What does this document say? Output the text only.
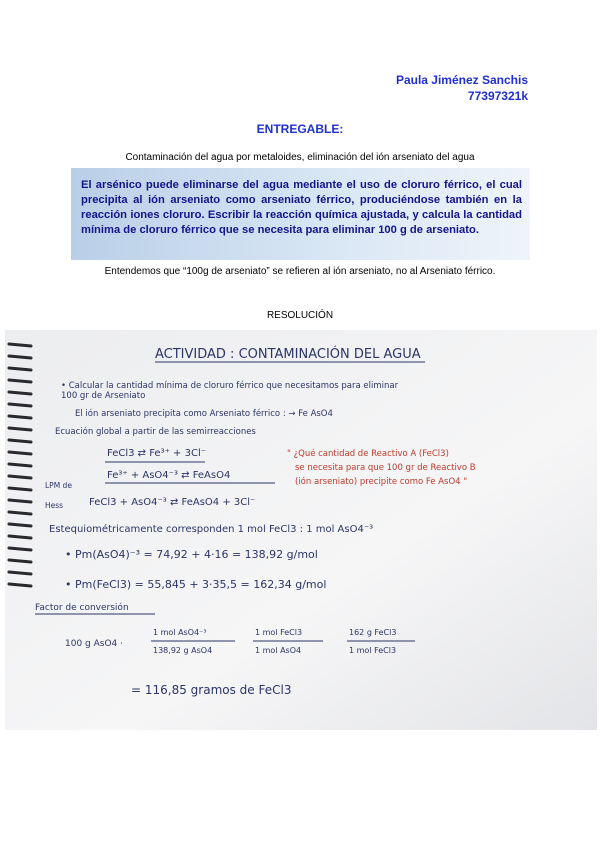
Paula Jiménez Sanchis
77397321k
ENTREGABLE:
Contaminación del agua por metaloides, eliminación del ión arseniato del agua

El arsénico puede eliminarse del agua mediante el uso de cloruro férrico, el cual precipita al ión arseniato como arseniato férrico, produciéndose también en la reacción iones cloruro. Escribir la reacción química ajustada, y calcula la cantidad mínima de cloruro férrico que se necesita para eliminar 100 g de arseniato.

Entendemos que “100g de arseniato” se refieren al ión arseniato, no al Arseniato férrico.
RESOLUCIÓN
ACTIVIDAD : CONTAMINACIÓN DEL AGUA
• Calcular la cantidad mínima de cloruro férrico que necesitamos para eliminar
100 gr de Arseniato
El ión arseniato precipita como Arseniato férrico : → Fe AsO4
Ecuación global a partir de las semirreacciones
FeCl3 ⇄ Fe³⁺ + 3Cl⁻
Fe³⁺ + AsO4⁻³ ⇄ FeAsO4
LPM de
Hess	FeCl3 + AsO4⁻³ ⇄ FeAsO4 + 3Cl⁻
Estequiométricamente corresponden 1 mol FeCl3 : 1 mol AsO4⁻³
• Pm(AsO4)⁻³ = 74,92 + 4·16 = 138,92 g/mol
• Pm(FeCl3) = 55,845 + 3·35,5 = 162,34 g/mol
Factor de conversión
100 g AsO4 ·
1 mol AsO4⁻³
138,92 g AsO4
1 mol FeCl3
1 mol AsO4
162 g FeCl3
1 mol FeCl3
= 116,85 gramos de FeCl3
" ¿Qué cantidad de Reactivo A (FeCl3)
se necesita para que 100 gr de Reactivo B
(ión arseniato) precipite como Fe AsO4 "
